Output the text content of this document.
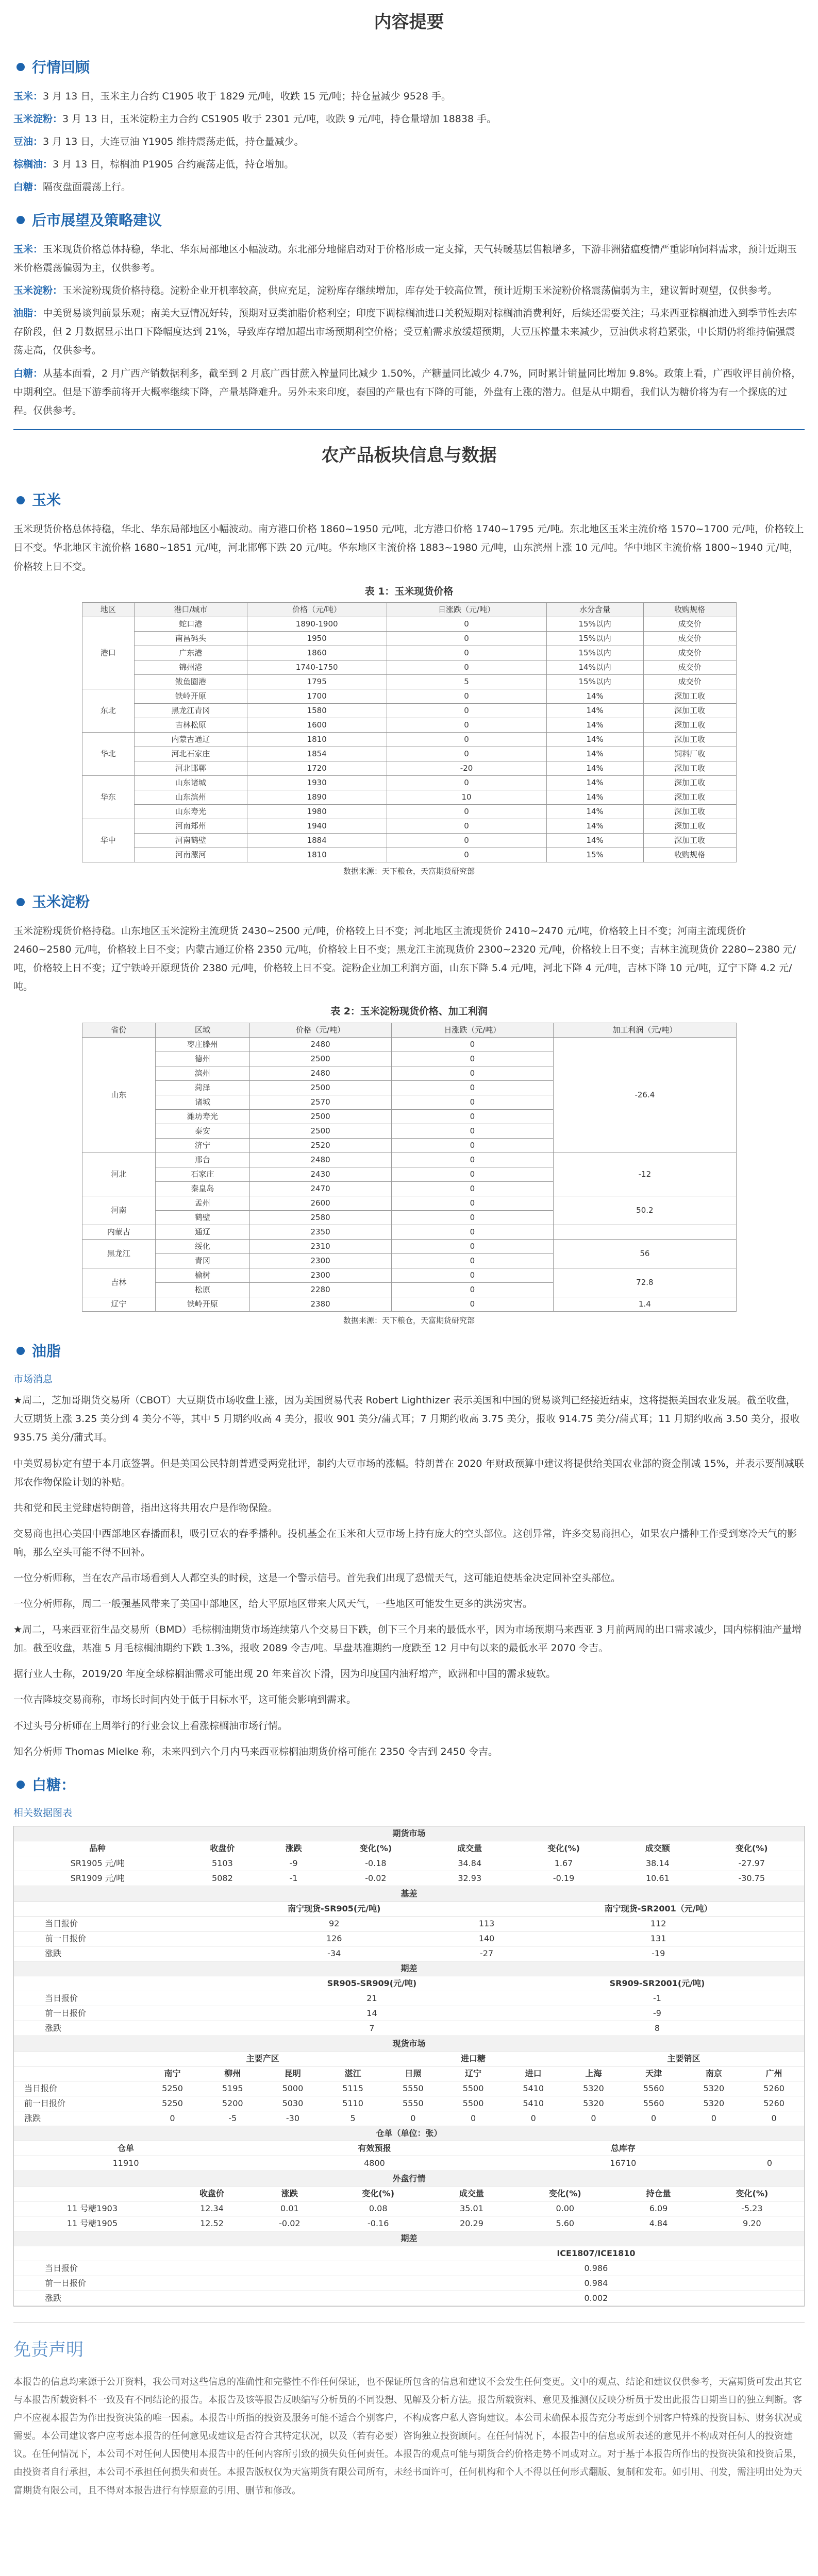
内容提要
行情回顾

玉米：3 月 13 日，玉米主力合约 C1905 收于 1829 元/吨，收跌 15 元/吨；持仓量减少 9528 手。

玉米淀粉：3 月 13 日，玉米淀粉主力合约 CS1905 收于 2301 元/吨，收跌 9 元/吨，持仓量增加 18838 手。

豆油：3 月 13 日，大连豆油 Y1905 维持震荡走低，持仓量减少。

棕榈油：3 月 13 日，棕榈油 P1905 合约震荡走低，持仓增加。

白糖：隔夜盘面震荡上行。

后市展望及策略建议

玉米：玉米现货价格总体持稳，华北、华东局部地区小幅波动。东北部分地储启动对于价格形成一定支撑，天气转暖基层售粮增多，下游非洲猪瘟疫情严重影响饲料需求，预计近期玉米价格震荡偏弱为主，仅供参考。

玉米淀粉：玉米淀粉现货价格持稳。淀粉企业开机率较高，供应充足，淀粉库存继续增加，库存处于较高位置，预计近期玉米淀粉价格震荡偏弱为主，建议暂时观望，仅供参考。

油脂：中美贸易谈判前景乐观；南美大豆情况好转，预期对豆类油脂价格利空；印度下调棕榈油进口关税短期对棕榈油消费利好，后续还需要关注；马来西亚棕榈油进入到季节性去库存阶段，但 2 月数据显示出口下降幅度达到 21%，导致库存增加超出市场预期利空价格；受豆粕需求放缓超预期，大豆压榨量未来减少，豆油供求将趋紧张，中长期仍将维持偏强震荡走高，仅供参考。

白糖：从基本面看，2 月广西产销数据利多，截至到 2 月底广西甘蔗入榨量同比减少 1.50%，产糖量同比减少 4.7%，同时累计销量同比增加 9.8%。政策上看，广西收评目前价格，中期利空。但是下游季前将开大概率继续下降，产量基降难升。另外未来印度，泰国的产量也有下降的可能，外盘有上涨的潜力。但是从中期看，我们认为糖价将为有一个探底的过程。仅供参考。

农产品板块信息与数据
玉米

玉米现货价格总体持稳，华北、华东局部地区小幅波动。南方港口价格 1860~1950 元/吨，北方港口价格 1740~1795 元/吨。东北地区玉米主流价格 1570~1700 元/吨，价格较上日不变。华北地区主流价格 1680~1851 元/吨，河北邯郸下跌 20 元/吨。华东地区主流价格 1883~1980 元/吨，山东滨州上涨 10 元/吨。华中地区主流价格 1800~1940 元/吨，价格较上日不变。

表 1：玉米现货价格
地区	港口/城市	价格（元/吨）	日涨跌（元/吨）	水分含量	收购规格
港口	蛇口港	1890-1900	0	15%以内	成交价
	南昌码头	1950	0	15%以内	成交价
	广东港	1860	0	15%以内	成交价
	锦州港	1740-1750	0	14%以内	成交价
	鲅鱼圈港	1795	5	15%以内	成交价
东北	铁岭开原	1700	0	14%	深加工收
	黑龙江青冈	1580	0	14%	深加工收
	吉林松原	1600	0	14%	深加工收
华北	内蒙古通辽	1810	0	14%	深加工收
	河北石家庄	1854	0	14%	饲料厂收
	河北邯郸	1720	-20	14%	深加工收
华东	山东诸城	1930	0	14%	深加工收
	山东滨州	1890	10	14%	深加工收
	山东寿光	1980	0	14%	深加工收
华中	河南郑州	1940	0	14%	深加工收
	河南鹤壁	1884	0	14%	深加工收
	河南漯河	1810	0	15%	收购规格
数据来源：天下粮仓，天富期货研究部
玉米淀粉

玉米淀粉现货价格持稳。山东地区玉米淀粉主流现货 2430~2500 元/吨，价格较上日不变；河北地区主流现货价 2410~2470 元/吨，价格较上日不变；河南主流现货价 2460~2580 元/吨，价格较上日不变；内蒙古通辽价格 2350 元/吨，价格较上日不变；黑龙江主流现货价 2300~2320 元/吨，价格较上日不变；吉林主流现货价 2280~2380 元/吨，价格较上日不变；辽宁铁岭开原现货价 2380 元/吨，价格较上日不变。淀粉企业加工利润方面，山东下降 5.4 元/吨，河北下降 4 元/吨，吉林下降 10 元/吨，辽宁下降 4.2 元/吨。

表 2：玉米淀粉现货价格、加工利润
省份	区域	价格（元/吨）	日涨跌（元/吨）	加工利润（元/吨）
山东	枣庄滕州	2480	0	-26.4
	德州	2500	0	
	滨州	2480	0	
	菏泽	2500	0	
	诸城	2570	0	
	潍坊寿光	2500	0	
	泰安	2500	0	
	济宁	2520	0	
河北	邢台	2480	0	-12
	石家庄	2430	0	
	秦皇岛	2470	0	
河南	孟州	2600	0	50.2
	鹤壁	2580	0	
内蒙古	通辽	2350	0	
黑龙江	绥化	2310	0	56
	青冈	2300	0	
吉林	榆树	2300	0	72.8
	松原	2280	0	
辽宁	铁岭开原	2380	0	1.4
数据来源：天下粮仓，天富期货研究部
油脂
市场消息

★周二，芝加哥期货交易所（CBOT）大豆期货市场收盘上涨，因为美国贸易代表 Robert Lighthizer 表示美国和中国的贸易谈判已经接近结束，这将提振美国农业发展。截至收盘，大豆期货上涨 3.25 美分到 4 美分不等，其中 5 月期约收高 4 美分，报收 901 美分/蒲式耳；7 月期约收高 3.75 美分，报收 914.75 美分/蒲式耳；11 月期约收高 3.50 美分，报收 935.75 美分/蒲式耳。

中美贸易协定有望于本月底签署。但是美国公民特朗普遭受两党批评，制约大豆市场的涨幅。特朗普在 2020 年财政预算中建议将提供给美国农业部的资金削减 15%，并表示要削减联邦农作物保险计划的补贴。

共和党和民主党肆虐特朗普，指出这将共用农户是作物保险。

交易商也担心美国中西部地区春播面积，吸引豆农的春季播种。投机基金在玉米和大豆市场上持有庞大的空头部位。这创异常，许多交易商担心，如果农户播种工作受到寒冷天气的影响，那么空头可能不得不回补。

一位分析师称，当在农产品市场看到人人都空头的时候，这是一个警示信号。首先我们出现了恐慌天气，这可能迫使基金决定回补空头部位。

一位分析师称，周二一般强基风带来了美国中部地区，给大平原地区带来大风天气，一些地区可能发生更多的洪涝灾害。

★周二，马来西亚衍生品交易所（BMD）毛棕榈油期货市场连续第八个交易日下跌，创下三个月来的最低水平，因为市场预期马来西亚 3 月前两周的出口需求减少，国内棕榈油产量增加。截至收盘，基准 5 月毛棕榈油期约下跌 1.3%，报收 2089 令吉/吨。早盘基准期约一度跌至 12 月中旬以来的最低水平 2070 令吉。

据行业人士称，2019/20 年度全球棕榈油需求可能出现 20 年来首次下滑，因为印度国内油籽增产，欧洲和中国的需求疲软。

一位吉隆坡交易商称，市场长时间内处于低于目标水平，这可能会影响到需求。

不过头号分析师在上周举行的行业会议上看涨棕榈油市场行情。

知名分析师 Thomas Mielke 称，未来四到六个月内马来西亚棕榈油期货价格可能在 2350 令吉到 2450 令吉。

白糖：
相关数据图表
期货市场							
品种	收盘价	涨跌	变化(%)	成交量	变化(%)	成交额	变化(%)
SR1905 元/吨	5103	-9	-0.18	34.84	1.67	38.14	-27.97
SR1909 元/吨	5082	-1	-0.02	32.93	-0.19	10.61	-30.75
基差			
	南宁现货-SR905(元/吨)		南宁现货-SR2001（元/吨）
当日报价	92	113	112
前一日报价	126	140	131
涨跌	-34	-27	-19
期差		
	SR905-SR909(元/吨)	SR909-SR2001(元/吨)
当日报价	21	-1
前一日报价	14	-9
涨跌	7	8
现货市场											
	主要产区				进口糖			主要销区			
	南宁	柳州	昆明	湛江	日照	辽宁	进口	上海	天津	南京	广州
当日报价	5250	5195	5000	5115	5550	5500	5410	5320	5560	5320	5260
前一日报价	5250	5200	5030	5110	5550	5500	5410	5320	5560	5320	5260
涨跌	0	-5	-30	5	0	0	0	0	0	0	0
仓单（单位：张）			
仓单	有效预报	总库存	
11910	4800	16710	0
外盘行情							
	收盘价	涨跌	变化(%)	成交量	变化(%)	持仓量	变化(%)
11 号糖1903	12.34	0.01	0.08	35.01	0.00	6.09	-5.23
11 号糖1905	12.52	-0.02	-0.16	20.29	5.60	4.84	9.20
期差	
	ICE1807/ICE1810
当日报价	0.986
前一日报价	0.984
涨跌	0.002
免责声明

本报告的信息均来源于公开资料，我公司对这些信息的准确性和完整性不作任何保证，也不保证所包含的信息和建议不会发生任何变更。文中的观点、结论和建议仅供参考，天富期货可发出其它与本报告所载资料不一致及有不同结论的报告。本报告及该等报告反映编写分析员的不同设想、见解及分析方法。报告所载资料、意见及推测仅反映分析员于发出此报告日期当日的独立判断。客户不应视本报告为作出投资决策的唯一因素。本报告中所指的投资及服务可能不适合个别客户，不构成客户私人咨询建议。本公司未确保本报告充分考虑到个别客户特殊的投资目标、财务状况或需要。本公司建议客户应考虑本报告的任何意见或建议是否符合其特定状况，以及（若有必要）咨询独立投资顾问。在任何情况下，本报告中的信息或所表述的意见并不构成对任何人的投资建议。在任何情况下，本公司不对任何人因使用本报告中的任何内容所引致的损失负任何责任。本报告的观点可能与期货合约价格走势不同或对立。对于基于本报告所作出的投资决策和投资后果，由投资者自行承担，本公司不承担任何损失和责任。本报告版权仅为天富期货有限公司所有，未经书面许可，任何机构和个人不得以任何形式翻版、复制和发布。如引用、刊发，需注明出处为天富期货有限公司，且不得对本报告进行有悖原意的引用、删节和修改。
